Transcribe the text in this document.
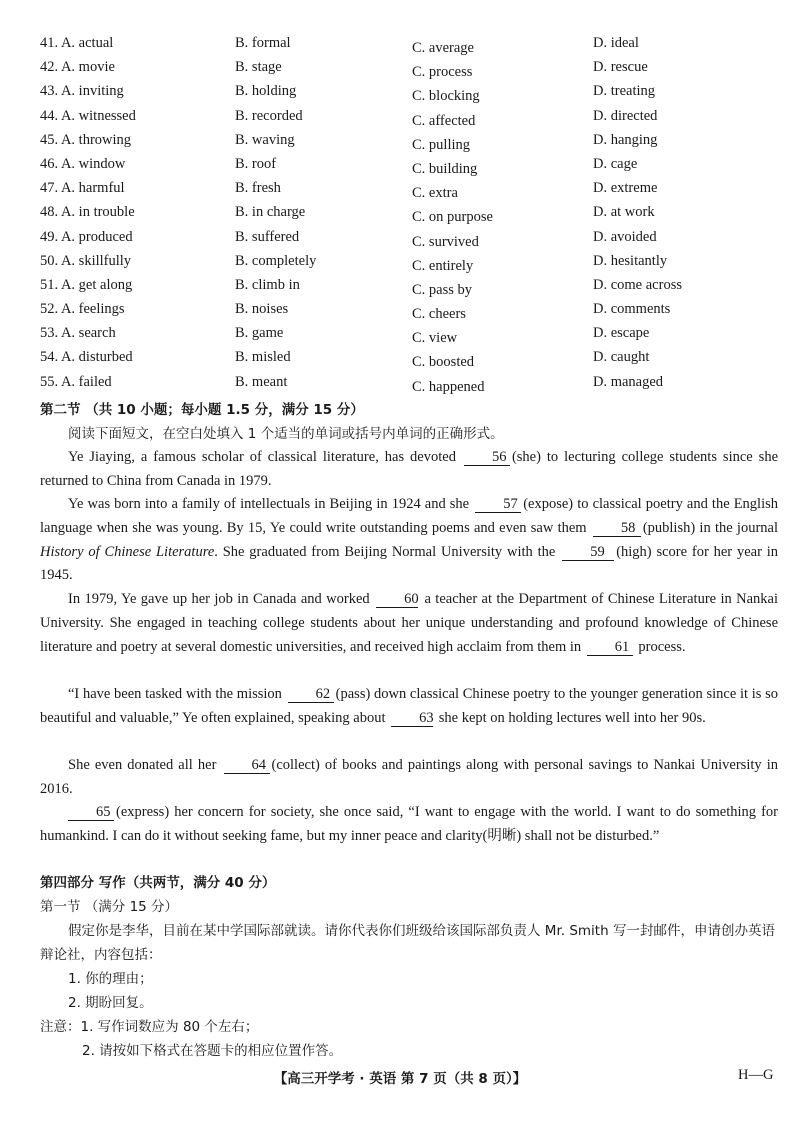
41. A. actual	B. formal	C. average	D. ideal
42. A. movie	B. stage	C. process	D. rescue
43. A. inviting	B. holding	C. blocking	D. treating
44. A. witnessed	B. recorded	C. affected	D. directed
45. A. throwing	B. waving	C. pulling	D. hanging
46. A. window	B. roof	C. building	D. cage
47. A. harmful	B. fresh	C. extra	D. extreme
48. A. in trouble	B. in charge	C. on purpose	D. at work
49. A. produced	B. suffered	C. survived	D. avoided
50. A. skillfully	B. completely	C. entirely	D. hesitantly
51. A. get along	B. climb in	C. pass by	D. come across
52. A. feelings	B. noises	C. cheers	D. comments
53. A. search	B. game	C. view	D. escape
54. A. disturbed	B. misled	C. boosted	D. caught
55. A. failed	B. meant	C. happened	D. managed
第二节 （共 10 小题；每小题 1.5 分，满分 15 分）
阅读下面短文，在空白处填入 1 个适当的单词或括号内单词的正确形式。
Ye Jiaying, a famous scholar of classical literature, has devoted 56 (she) to lecturing college students since she returned to China from Canada in 1979.
Ye was born into a family of intellectuals in Beijing in 1924 and she 57 (expose) to classical poetry and the English language when she was young. By 15, Ye could write outstanding poems and even saw them 58 (publish) in the journal History of Chinese Literature. She graduated from Beijing Normal University with the 59 (high) score for her year in 1945.
In 1979, Ye gave up her job in Canada and worked 60 a teacher at the Department of Chinese Literature in Nankai University. She engaged in teaching college students about her unique understanding and profound knowledge of Chinese literature and poetry at several domestic universities, and received high acclaim from them in 61 process.
“I have been tasked with the mission 62 (pass) down classical Chinese poetry to the younger generation since it is so beautiful and valuable,” Ye often explained, speaking about 63 she kept on holding lectures well into her 90s.
She even donated all her 64 (collect) of books and paintings along with personal savings to Nankai University in 2016.
65 (express) her concern for society, she once said, “I want to engage with the world. I want to do something for humankind. I can do it without seeking fame, but my inner peace and clarity(明晰) shall not be disturbed.”
第四部分 写作（共两节，满分 40 分）
第一节 （满分 15 分）
假定你是李华，目前在某中学国际部就读。请你代表你们班级给该国际部负责人 Mr. Smith 写一封邮件，申请创办英语辩论社，内容包括：
1. 你的理由；
2. 期盼回复。
注意：1. 写作词数应为 80 个左右；
2. 请按如下格式在答题卡的相应位置作答。
【高三开学考 · 英语 第 7 页（共 8 页）】	H—G
